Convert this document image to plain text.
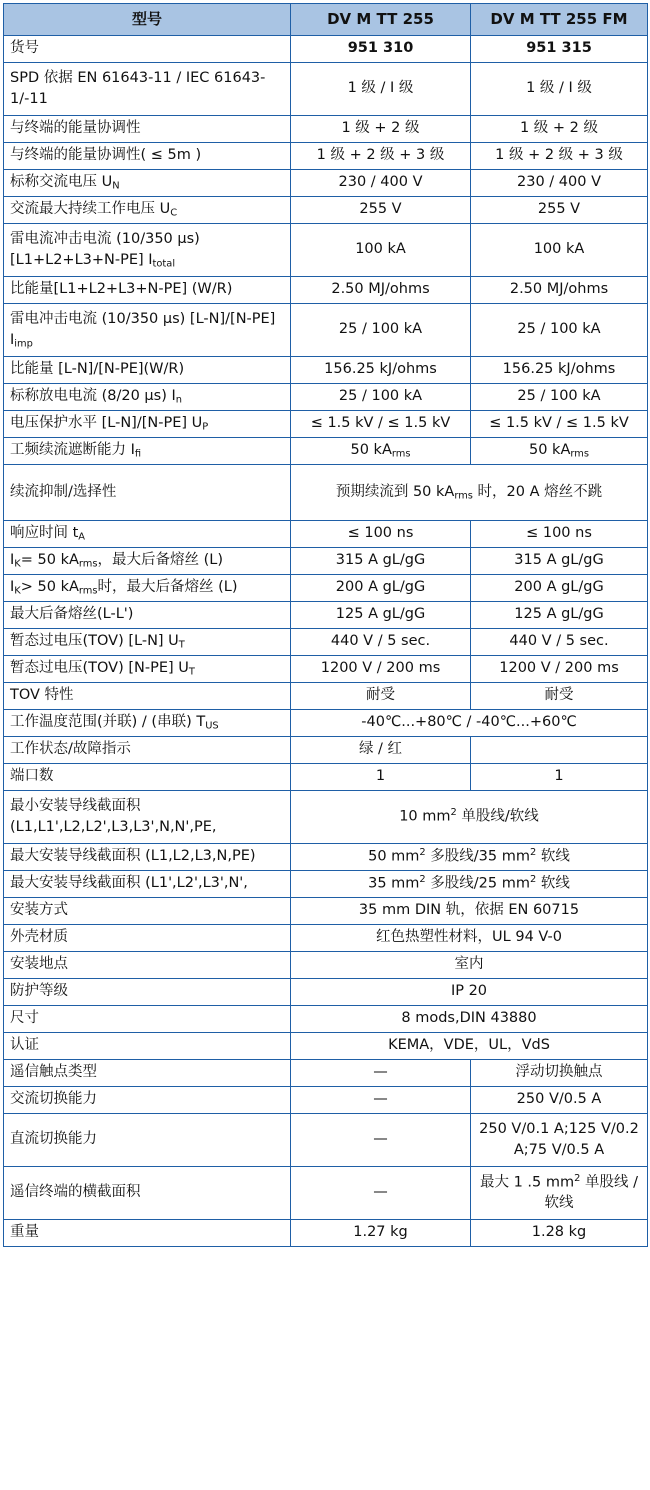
型号	DV M TT 255	DV M TT 255 FM
货号	951 310	951 315
SPD 依据 EN 61643-11 / IEC 61643-1/-11	1 级 / I 级	1 级 / I 级
与终端的能量协调性	1 级 + 2 级	1 级 + 2 级
与终端的能量协调性( ≤ 5m )	1 级 + 2 级 + 3 级	1 级 + 2 级 + 3 级
标称交流电压 $U_N$	230 / 400 V	230 / 400 V
交流最大持续工作电压 $U_C$	255 V	255 V
雷电流冲击电流 (10/350 μs) [L1+L2+L3+N-PE] $I_{total}$	100 kA	100 kA
比能量[L1+L2+L3+N-PE] (W/R)	2.50 MJ/ohms	2.50 MJ/ohms
雷电冲击电流 (10/350 μs) [L-N]/[N-PE] $I_{imp}$	25 / 100 kA	25 / 100 kA
比能量 [L-N]/[N-PE](W/R)	156.25 kJ/ohms	156.25 kJ/ohms
标称放电电流 (8/20 μs) $I_n$	25 / 100 kA	25 / 100 kA
电压保护水平 [L-N]/[N-PE] $U_P$	≤ 1.5 kV / ≤ 1.5 kV	≤ 1.5 kV / ≤ 1.5 kV
工频续流遮断能力 $I_{fi}$	50 $kA_{rms}$	50 $kA_{rms}$
续流抑制/选择性	预期续流到 50 $kA_{rms}$ 时，20 A 熔丝不跳	
响应时间 $t_A$	≤ 100 ns	≤ 100 ns
$I_K= 50$ $kA_{rms}$，最大后备熔丝 (L)	315 A gL/gG	315 A gL/gG
$I_K> 50$ $kA_{rms}$时，最大后备熔丝 (L)	200 A gL/gG	200 A gL/gG
最大后备熔丝(L-L')	125 A gL/gG	125 A gL/gG
暂态过电压(TOV) [L-N] $U_T$	440 V / 5 sec.	440 V / 5 sec.
暂态过电压(TOV) [N-PE] $U_T$	1200 V / 200 ms	1200 V / 200 ms
TOV 特性	耐受	耐受
工作温度范围(并联) / (串联) $T_{US}$	-40℃...+80℃ / -40℃...+60℃	
工作状态/故障指示	绿 / 红	
端口数	1	1
最小安装导线截面积 (L1,L1',L2,L2',L3,L3',N,N',PE,	10 $mm^2$ 单股线/软线	
最大安装导线截面积 (L1,L2,L3,N,PE)	50 $mm^2$ 多股线/35 $mm^2$ 软线	
最大安装导线截面积 (L1',L2',L3',N',	35 $mm^2$ 多股线/25 $mm^2$ 软线	
安装方式	35 mm DIN 轨，依据 EN 60715	
外壳材质	红色热塑性材料，UL 94 V-0	
安装地点	室内	
防护等级	IP 20	
尺寸	8 mods,DIN 43880	
认证	KEMA，VDE，UL，VdS	
遥信触点类型	—	浮动切换触点
交流切换能力	—	250 V/0.5 A
直流切换能力	—	250 V/0.1 A;125 V/0.2 A;75 V/0.5 A
遥信终端的横截面积	—	最大 1 .5 $mm^2$ 单股线 /软线
重量	1.27 kg	1.28 kg
